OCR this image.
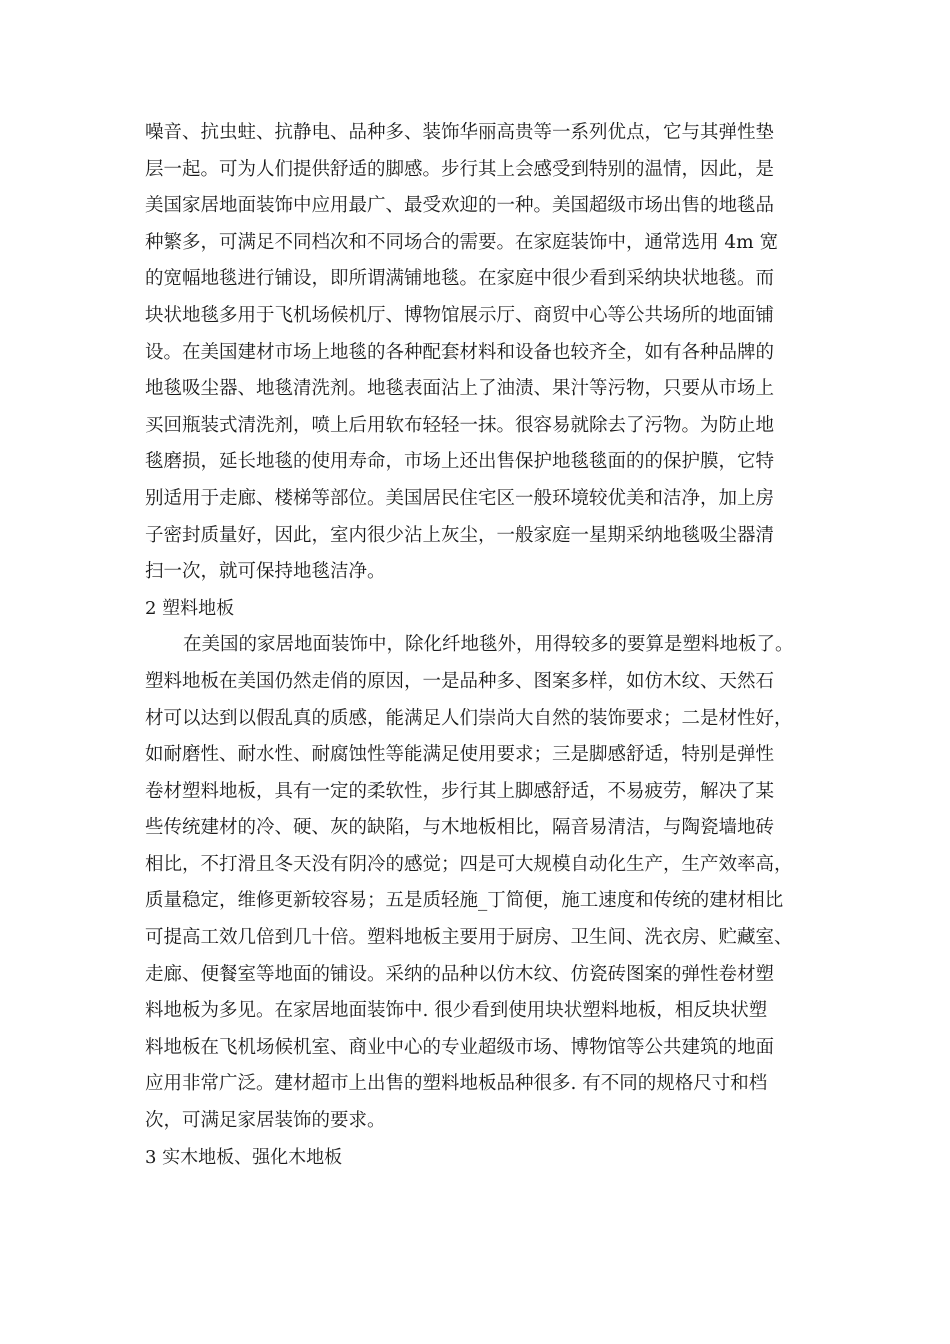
噪音、抗虫蛀、抗静电、品种多、装饰华丽高贵等一系列优点，它与其弹性垫
层一起。可为人们提供舒适的脚感。步行其上会感受到特别的温情，因此，是
美国家居地面装饰中应用最广、最受欢迎的一种。美国超级市场出售的地毯品
种繁多，可满足不同档次和不同场合的需要。在家庭装饰中，通常选用 4m 宽
的宽幅地毯进行铺设，即所谓满铺地毯。在家庭中很少看到采纳块状地毯。而
块状地毯多用于飞机场候机厅、博物馆展示厅、商贸中心等公共场所的地面铺
设。在美国建材市场上地毯的各种配套材料和设备也较齐全，如有各种品牌的
地毯吸尘器、地毯清洗剂。地毯表面沾上了油渍、果汁等污物，只要从市场上
买回瓶装式清洗剂，喷上后用软布轻轻一抹。很容易就除去了污物。为防止地
毯磨损，延长地毯的使用寿命，市场上还出售保护地毯毯面的的保护膜，它特
别适用于走廊、楼梯等部位。美国居民住宅区一般环境较优美和洁净，加上房
子密封质量好，因此，室内很少沾上灰尘，一般家庭一星期采纳地毯吸尘器清
扫一次，就可保持地毯洁净。
2 塑料地板
在美国的家居地面装饰中，除化纤地毯外，用得较多的要算是塑料地板了。
塑料地板在美国仍然走俏的原因，一是品种多、图案多样，如仿木纹、天然石
材可以达到以假乱真的质感，能满足人们崇尚大自然的装饰要求；二是材性好，
如耐磨性、耐水性、耐腐蚀性等能满足使用要求；三是脚感舒适，特别是弹性
卷材塑料地板，具有一定的柔软性，步行其上脚感舒适，不易疲劳，解决了某
些传统建材的冷、硬、灰的缺陷，与木地板相比，隔音易清洁，与陶瓷墙地砖
相比，不打滑且冬天没有阴冷的感觉；四是可大规模自动化生产，生产效率高，
质量稳定，维修更新较容易；五是质轻施_丁简便，施工速度和传统的建材相比
可提高工效几倍到几十倍。塑料地板主要用于厨房、卫生间、洗衣房、贮藏室、
走廊、便餐室等地面的铺设。采纳的品种以仿木纹、仿瓷砖图案的弹性卷材塑
料地板为多见。在家居地面装饰中. 很少看到使用块状塑料地板，相反块状塑
料地板在飞机场候机室、商业中心的专业超级市场、博物馆等公共建筑的地面
应用非常广泛。建材超市上出售的塑料地板品种很多. 有不同的规格尺寸和档
次，可满足家居装饰的要求。
3 实木地板、强化木地板
